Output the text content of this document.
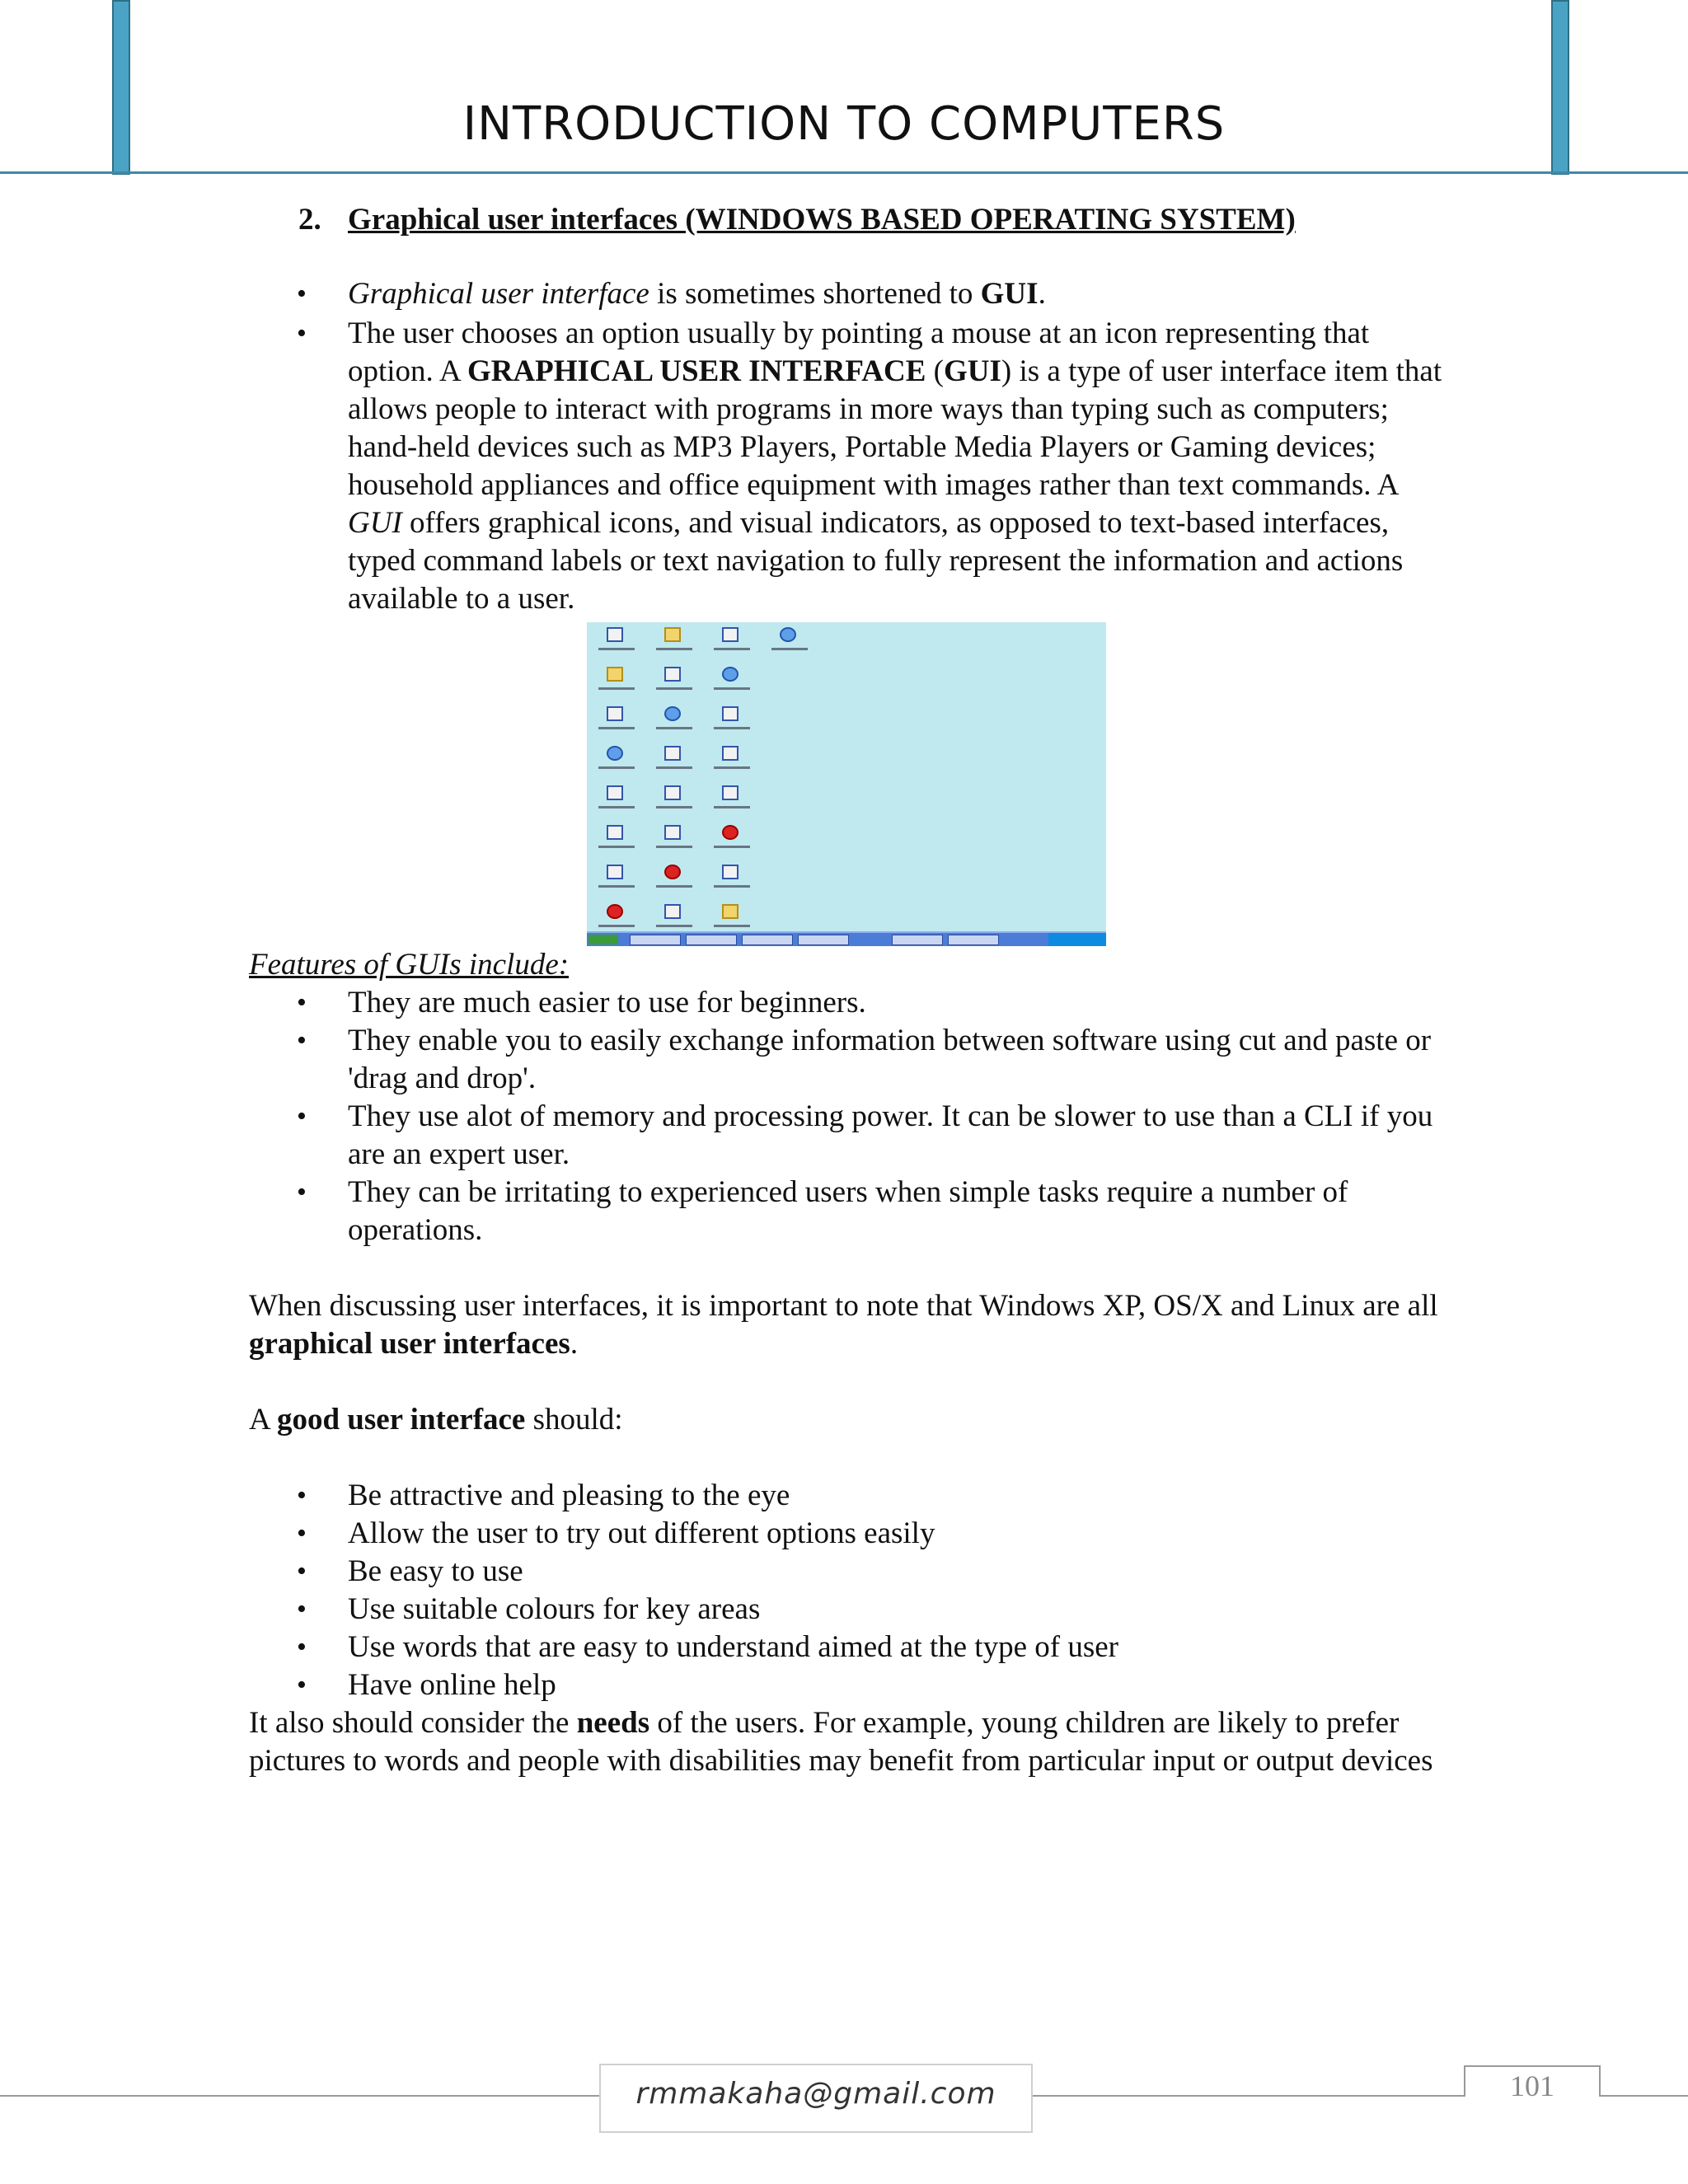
INTRODUCTION TO COMPUTERS
2. Graphical user interfaces (WINDOWS BASED OPERATING SYSTEM)
• Graphical user interface is sometimes shortened to GUI.
• The user chooses an option usually by pointing a mouse at an icon representing that option. A GRAPHICAL USER INTERFACE (GUI) is a type of user interface item that allows people to interact with programs in more ways than typing such as computers; hand-held devices such as MP3 Players, Portable Media Players or Gaming devices; household appliances and office equipment with images rather than text commands. A GUI offers graphical icons, and visual indicators, as opposed to text-based interfaces, typed command labels or text navigation to fully represent the information and actions available to a user.

Features of GUIs include:

• They are much easier to use for beginners.
• They enable you to easily exchange information between software using cut and paste or 'drag and drop'.
• They use alot of memory and processing power. It can be slower to use than a CLI if you are an expert user.
• They can be irritating to experienced users when simple tasks require a number of operations.

When discussing user interfaces, it is important to note that Windows XP, OS/X and Linux are all graphical user interfaces.

A good user interface should:

• Be attractive and pleasing to the eye
• Allow the user to try out different options easily
• Be easy to use
• Use suitable colours for key areas
• Use words that are easy to understand aimed at the type of user
• Have online help

It also should consider the needs of the users. For example, young children are likely to prefer pictures to words and people with disabilities may benefit from particular input or output devices

rmmakaha@gmail.com	101
